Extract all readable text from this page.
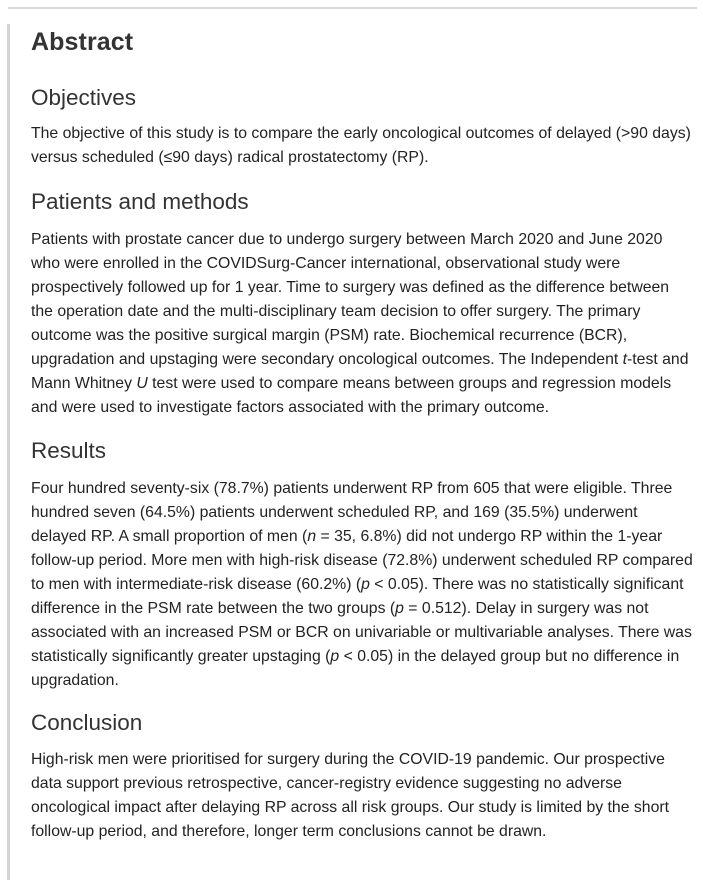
Abstract
Objectives

The objective of this study is to compare the early oncological outcomes of delayed (>90 days) versus scheduled (≤90 days) radical prostatectomy (RP).

Patients and methods

Patients with prostate cancer due to undergo surgery between March 2020 and June 2020 who were enrolled in the COVIDSurg-Cancer international, observational study were prospectively followed up for 1 year. Time to surgery was defined as the difference between the operation date and the multi-disciplinary team decision to offer surgery. The primary outcome was the positive surgical margin (PSM) rate. Biochemical recurrence (BCR), upgradation and upstaging were secondary oncological outcomes. The Independent t-test and Mann Whitney U test were used to compare means between groups and regression models and were used to investigate factors associated with the primary outcome.

Results

Four hundred seventy-six (78.7%) patients underwent RP from 605 that were eligible. Three hundred seven (64.5%) patients underwent scheduled RP, and 169 (35.5%) underwent delayed RP. A small proportion of men (n = 35, 6.8%) did not undergo RP within the 1-year follow-up period. More men with high-risk disease (72.8%) underwent scheduled RP compared to men with intermediate-risk disease (60.2%) (p < 0.05). There was no statistically significant difference in the PSM rate between the two groups (p = 0.512). Delay in surgery was not associated with an increased PSM or BCR on univariable or multivariable analyses. There was statistically significantly greater upstaging (p < 0.05) in the delayed group but no difference in upgradation.

Conclusion

High-risk men were prioritised for surgery during the COVID-19 pandemic. Our prospective data support previous retrospective, cancer-registry evidence suggesting no adverse oncological impact after delaying RP across all risk groups. Our study is limited by the short follow-up period, and therefore, longer term conclusions cannot be drawn.
